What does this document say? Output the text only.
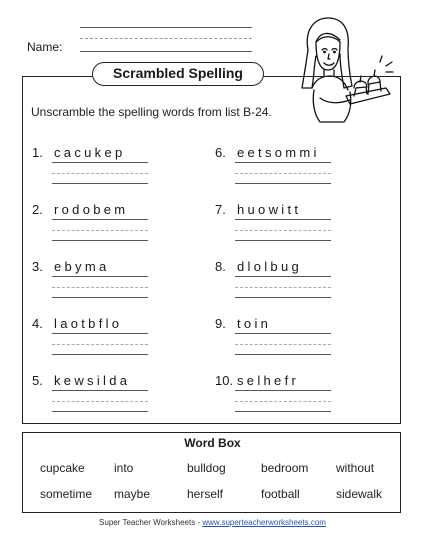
Name:
Scrambled Spelling
Unscramble the spelling words from list B-24.
1. cacukep
2. rodobem
3. ebyma
4. laotbflo
5. kewsilda
6. eetsommi
7. huowitt
8. dlolbug
9. toin
10. selhefr
Word Box
cupcake into	bulldog	bedroom without
sometime maybe	herself	football	sidewalk
Super Teacher Worksheets - www.superteacherworksheets.com
